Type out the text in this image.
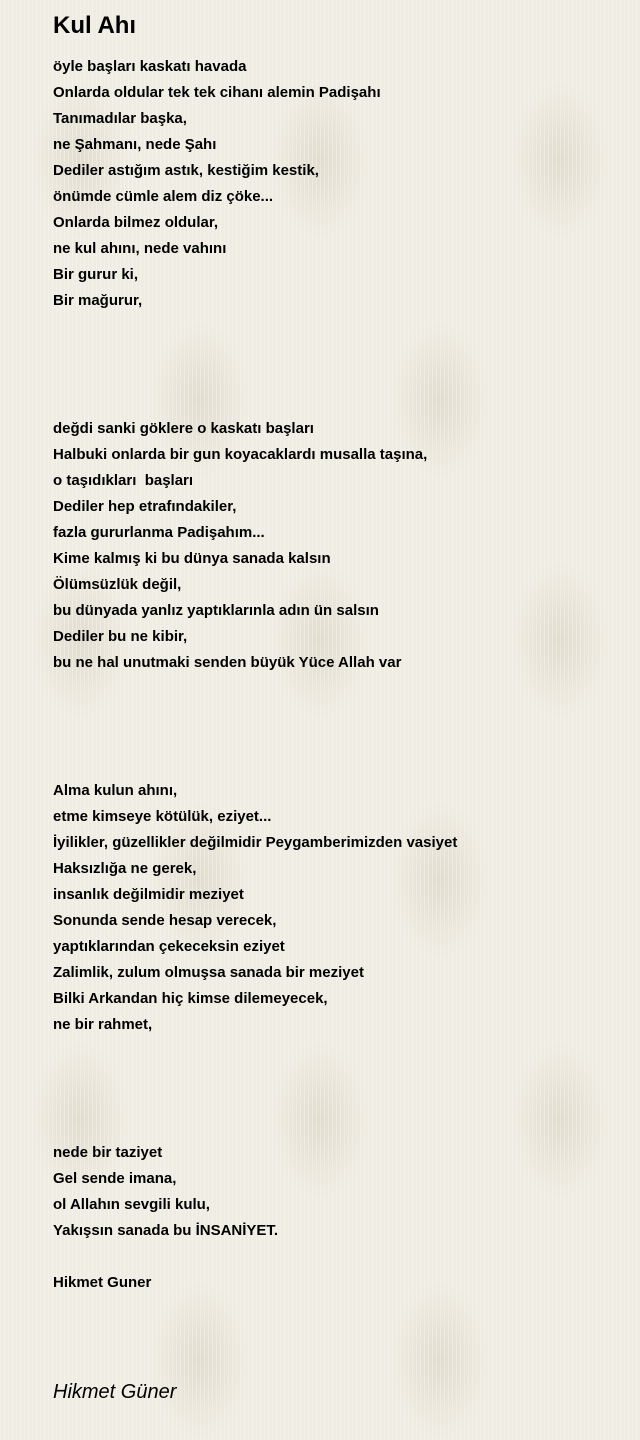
Kul Ahı
öyle başları kaskatı havada
Onlarda oldular tek tek cihanı alemin Padişahı
Tanımadılar başka,
ne Şahmanı, nede Şahı
Dediler astığım astık, kestiğim kestik,
önümde cümle alem diz çöke...
Onlarda bilmez oldular,
ne kul ahını, nede vahını
Bir gurur ki,
Bir mağurur,
değdi sanki göklere o kaskatı başları
Halbuki onlarda bir gun koyacaklardı musalla taşına,
o taşıdıkları  başları
Dediler hep etrafındakiler,
fazla gururlanma Padişahım...
Kime kalmış ki bu dünya sanada kalsın
Ölümsüzlük değil,
bu dünyada yanlız yaptıklarınla adın ün salsın
Dediler bu ne kibir,
bu ne hal unutmaki senden büyük Yüce Allah var
Alma kulun ahını,
etme kimseye kötülük, eziyet...
İyilikler, güzellikler değilmidir Peygamberimizden vasiyet
Haksızlığa ne gerek,
insanlık değilmidir meziyet
Sonunda sende hesap verecek,
yaptıklarından çekeceksin eziyet
Zalimlik, zulum olmuşsa sanada bir meziyet
Bilki Arkandan hiç kimse dilemeyecek,
ne bir rahmet,
nede bir taziyet
Gel sende imana,
ol Allahın sevgili kulu,
Yakışsın sanada bu İNSANİYET.
Hikmet Guner
Hikmet Güner
